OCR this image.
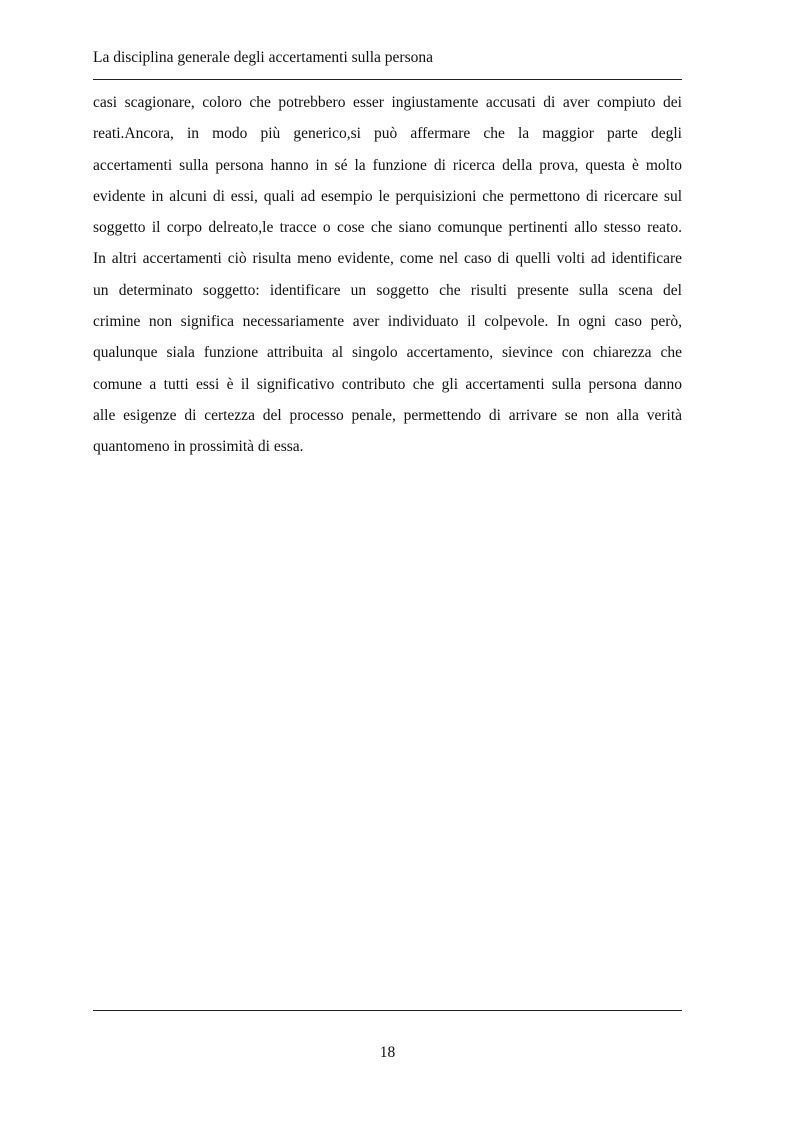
La disciplina generale degli accertamenti sulla persona
casi scagionare, coloro che potrebbero esser ingiustamente accusati di aver compiuto dei
reati.Ancora, in modo più generico,si può affermare che la maggior parte degli
accertamenti sulla persona hanno in sé la funzione di ricerca della prova, questa è molto
evidente in alcuni di essi, quali ad esempio le perquisizioni che permettono di ricercare sul
soggetto il corpo delreato,le tracce o cose che siano comunque pertinenti allo stesso reato.
In altri accertamenti ciò risulta meno evidente, come nel caso di quelli volti ad identificare
un determinato soggetto: identificare un soggetto che risulti presente sulla scena del
crimine non significa necessariamente aver individuato il colpevole. In ogni caso però,
qualunque siala funzione attribuita al singolo accertamento, sievince con chiarezza che
comune a tutti essi è il significativo contributo che gli accertamenti sulla persona danno
alle esigenze di certezza del processo penale, permettendo di arrivare se non alla verità
quantomeno in prossimità di essa.
18
